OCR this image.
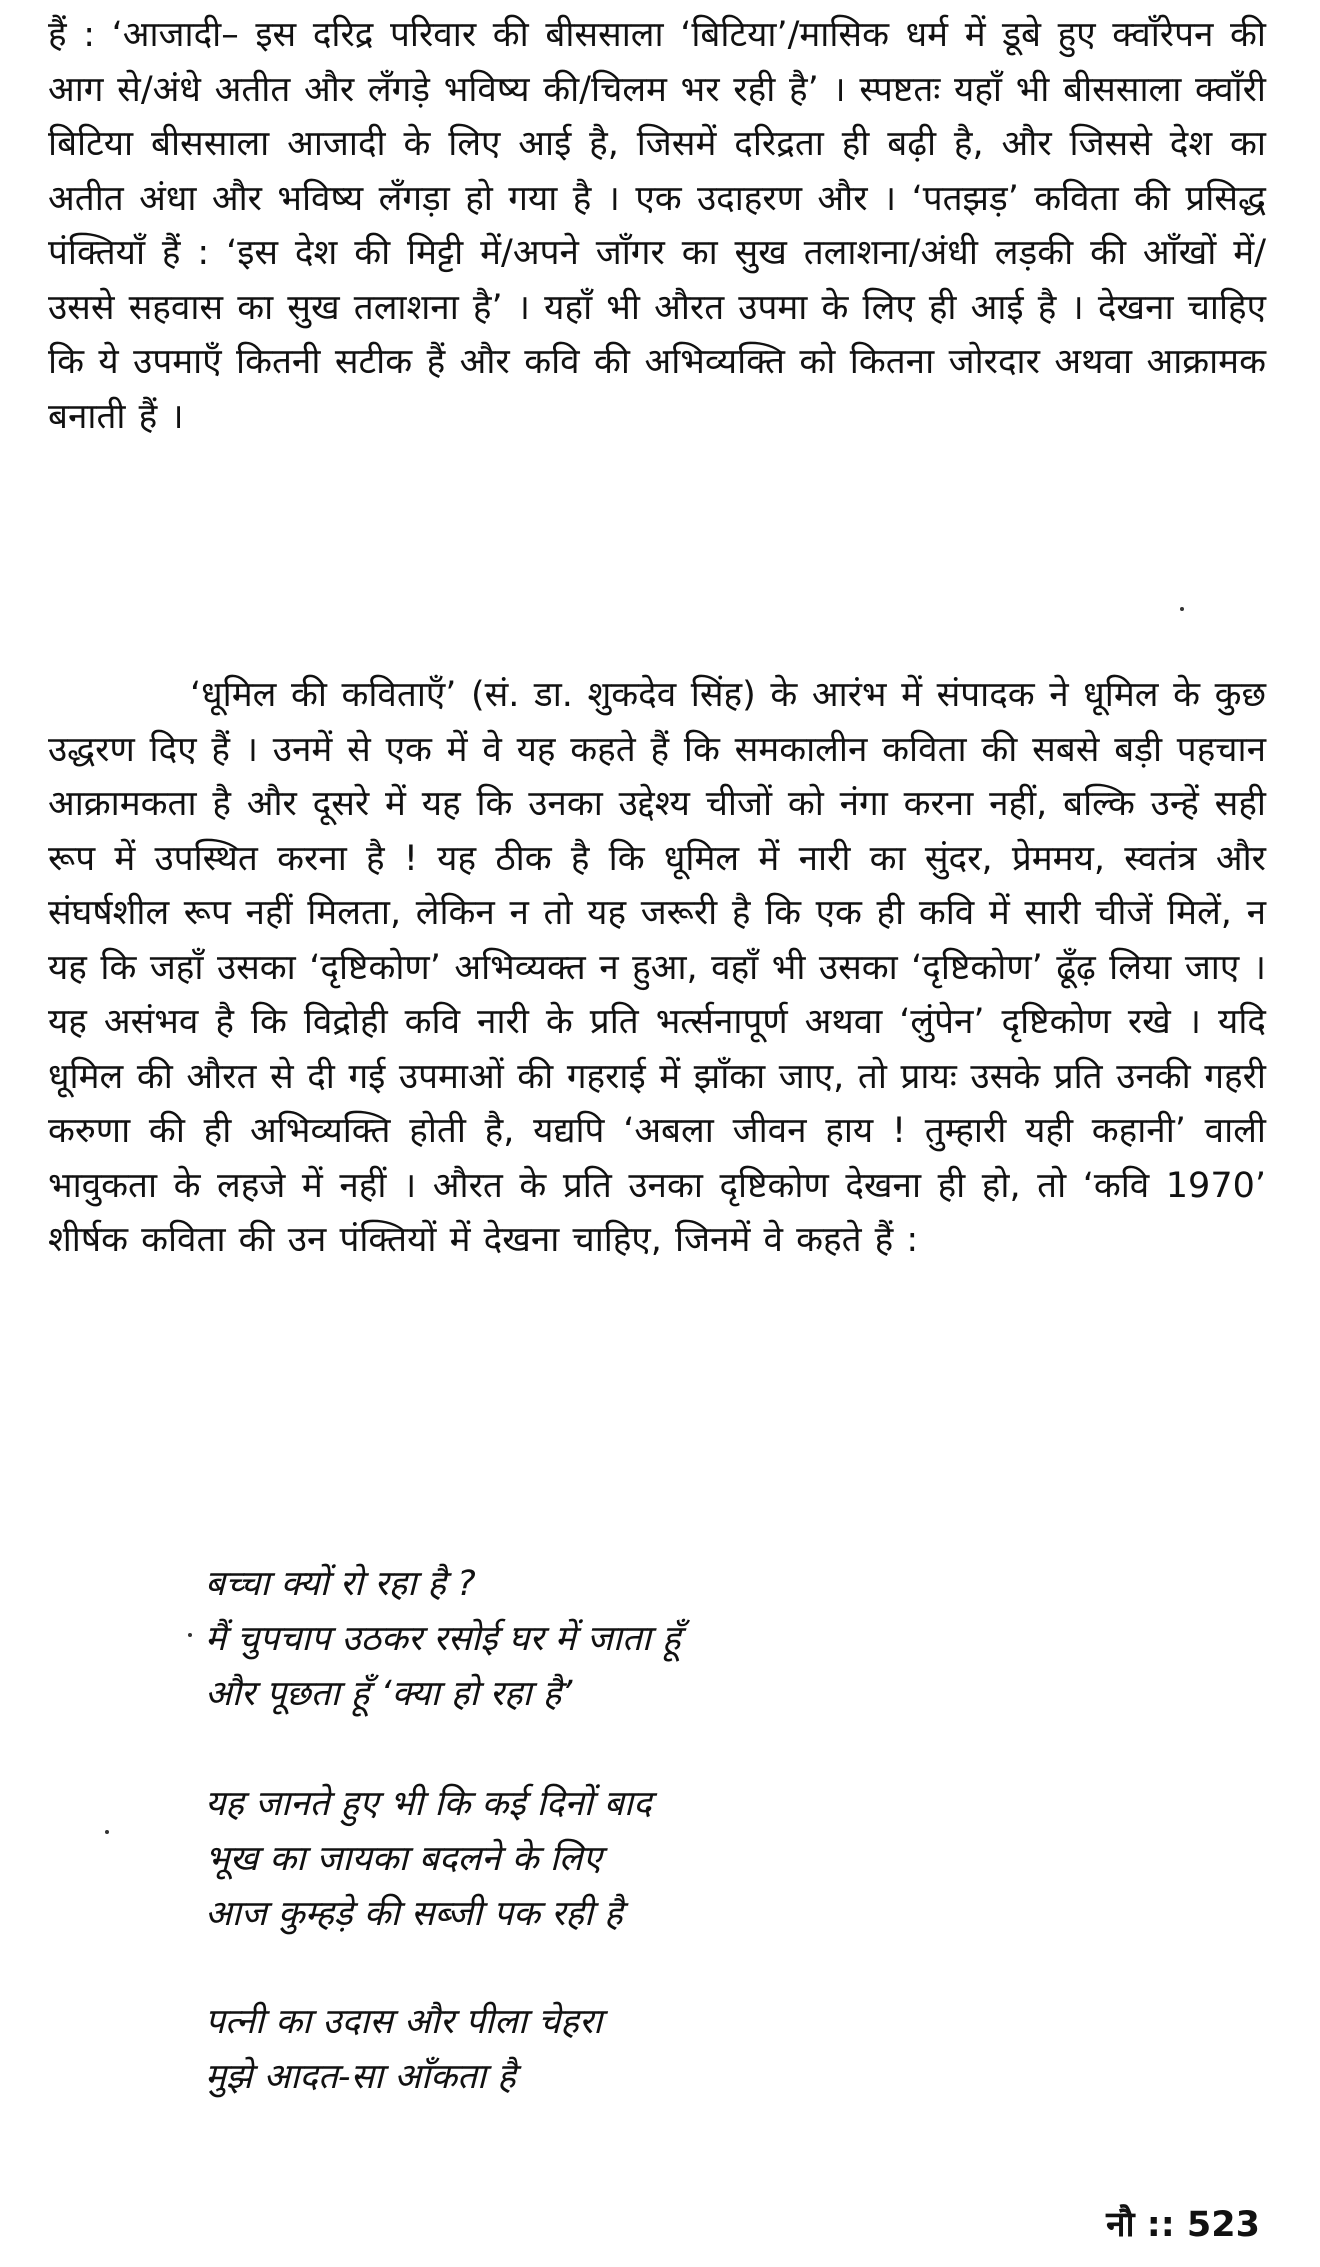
हैं : ‘आजादी– इस दरिद्र परिवार की बीससाला ‘बिटिया’/मासिक धर्म में डूबे हुए क्वाँरेपन की आग से/अंधे अतीत और लँगड़े भविष्य की/चिलम भर रही है’ । स्पष्टतः यहाँ भी बीससाला क्वाँरी बिटिया बीससाला आजादी के लिए आई है, जिसमें दरिद्रता ही बढ़ी है, और जिससे देश का अतीत अंधा और भविष्य लँगड़ा हो गया है । एक उदाहरण और । ‘पतझड़’ कविता की प्रसिद्ध पंक्तियाँ हैं : ‘इस देश की मिट्टी में/अपने जाँगर का सुख तलाशना/अंधी लड़की की आँखों में/उससे सहवास का सुख तलाशना है’ । यहाँ भी औरत उपमा के लिए ही आई है । देखना चाहिए कि ये उपमाएँ कितनी सटीक हैं और कवि की अभिव्यक्ति को कितना जोरदार अथवा आक्रामक बनाती हैं ।

‘धूमिल की कविताएँ’ (सं. डा. शुकदेव सिंह) के आरंभ में संपादक ने धूमिल के कुछ उद्धरण दिए हैं । उनमें से एक में वे यह कहते हैं कि समकालीन कविता की सबसे बड़ी पहचान आक्रामकता है और दूसरे में यह कि उनका उद्देश्य चीजों को नंगा करना नहीं, बल्कि उन्हें सही रूप में उपस्थित करना है ! यह ठीक है कि धूमिल में नारी का सुंदर, प्रेममय, स्वतंत्र और संघर्षशील रूप नहीं मिलता, लेकिन न तो यह जरूरी है कि एक ही कवि में सारी चीजें मिलें, न यह कि जहाँ उसका ‘दृष्टिकोण’ अभिव्यक्त न हुआ, वहाँ भी उसका ‘दृष्टिकोण’ ढूँढ़ लिया जाए । यह असंभव है कि विद्रोही कवि नारी के प्रति भर्त्सनापूर्ण अथवा ‘लुंपेन’ दृष्टिकोण रखे । यदि धूमिल की औरत से दी गई उपमाओं की गहराई में झाँका जाए, तो प्रायः उसके प्रति उनकी गहरी करुणा की ही अभिव्यक्ति होती है, यद्यपि ‘अबला जीवन हाय ! तुम्हारी यही कहानी’ वाली भावुकता के लहजे में नहीं । औरत के प्रति उनका दृष्टिकोण देखना ही हो, तो ‘कवि 1970’ शीर्षक कविता की उन पंक्तियों में देखना चाहिए, जिनमें वे कहते हैं :

बच्चा क्यों रो रहा है ?
मैं चुपचाप उठकर रसोई घर में जाता हूँ
और पूछता हूँ ‘क्या हो रहा है’
यह जानते हुए भी कि कई दिनों बाद
भूख का जायका बदलने के लिए
आज कुम्हड़े की सब्जी पक रही है
पत्नी का उदास और पीला चेहरा
मुझे आदत-सा आँकता है
नौ :: 523
